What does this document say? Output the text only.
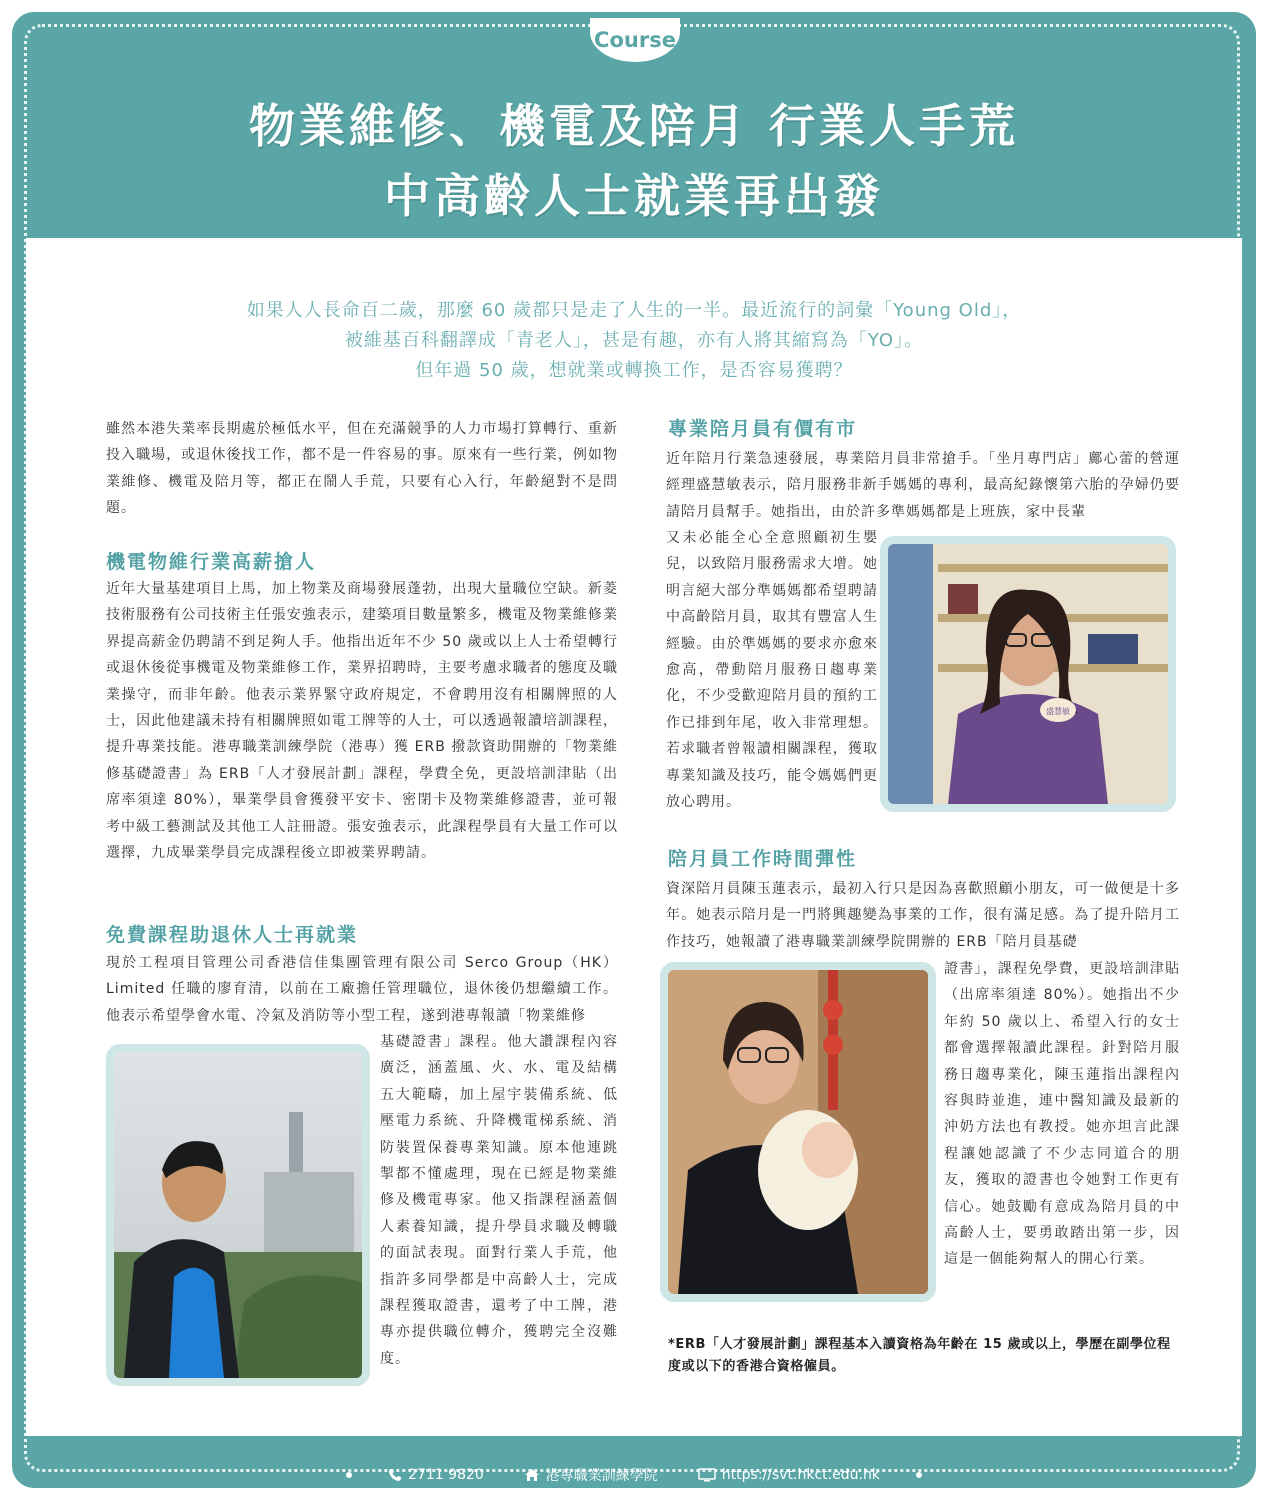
Course
物業維修、機電及陪月 行業人手荒
中高齡人士就業再出發
如果人人長命百二歲，那麼 60 歲都只是走了人生的一半。最近流行的詞彙「Young Old」，
被維基百科翻譯成「青老人」，甚是有趣，亦有人將其縮寫為「YO」。
但年過 50 歲，想就業或轉換工作，是否容易獲聘？

雖然本港失業率長期處於極低水平，但在充滿競爭的人力市場打算轉行、重新投入職場，或退休後找工作，都不是一件容易的事。原來有一些行業，例如物業維修、機電及陪月等，都正在鬧人手荒，只要有心入行，年齡絕對不是問題。

機電物維行業高薪搶人

近年大量基建項目上馬，加上物業及商場發展蓬勃，出現大量職位空缺。新菱技術服務有公司技術主任張安強表示，建築項目數量繁多，機電及物業維修業界提高薪金仍聘請不到足夠人手。他指出近年不少 50 歲或以上人士希望轉行或退休後從事機電及物業維修工作，業界招聘時，主要考慮求職者的態度及職業操守，而非年齡。他表示業界緊守政府規定，不會聘用沒有相關牌照的人士，因此他建議未持有相關牌照如電工牌等的人士，可以透過報讀培訓課程，提升專業技能。港專職業訓練學院（港專）獲 ERB 撥款資助開辦的「物業維修基礎證書」為 ERB「人才發展計劃」課程，學費全免，更設培訓津貼（出席率須達 80%），畢業學員會獲發平安卡、密閉卡及物業維修證書，並可報考中級工藝測試及其他工人註冊證。張安強表示，此課程學員有大量工作可以選擇，九成畢業學員完成課程後立即被業界聘請。

免費課程助退休人士再就業

現於工程項目管理公司香港信佳集團管理有限公司 Serco Group（HK）Limited 任職的廖育清，以前在工廠擔任管理職位，退休後仍想繼續工作。他表示希望學會水電、冷氣及消防等小型工程，遂到港專報讀「物業維修

基礎證書」課程。他大讚課程內容廣泛，涵蓋風、火、水、電及結構五大範疇，加上屋宇裝備系統、低壓電力系統、升降機電梯系統、消防裝置保養專業知識。原本他連跳掣都不懂處理，現在已經是物業維修及機電專家。他又指課程涵蓋個人素養知識，提升學員求職及轉職的面試表現。面對行業人手荒，他指許多同學都是中高齡人士，完成課程獲取證書，還考了中工牌，港專亦提供職位轉介，獲聘完全沒難度。

專業陪月員有價有市

近年陪月行業急速發展，專業陪月員非常搶手。「坐月專門店」鄺心蕾的營運經理盛慧敏表示，陪月服務非新手媽媽的專利，最高紀錄懷第六胎的孕婦仍要請陪月員幫手。她指出，由於許多準媽媽都是上班族，家中長輩

又未必能全心全意照顧初生嬰兒，以致陪月服務需求大增。她明言絕大部分準媽媽都希望聘請中高齡陪月員，取其有豐富人生經驗。由於準媽媽的要求亦愈來愈高，帶動陪月服務日趨專業化，不少受歡迎陪月員的預約工作已排到年尾，收入非常理想。若求職者曾報讀相關課程，獲取專業知識及技巧，能令媽媽們更放心聘用。

盛慧敏
陪月員工作時間彈性

資深陪月員陳玉蓮表示，最初入行只是因為喜歡照顧小朋友，可一做便是十多年。她表示陪月是一門將興趣變為事業的工作，很有滿足感。為了提升陪月工作技巧，她報讀了港專職業訓練學院開辦的 ERB「陪月員基礎

證書」，課程免學費，更設培訓津貼（出席率須達 80%）。她指出不少年約 50 歲以上、希望入行的女士都會選擇報讀此課程。針對陪月服務日趨專業化，陳玉蓮指出課程內容與時並進，連中醫知識及最新的沖奶方法也有教授。她亦坦言此課程讓她認識了不少志同道合的朋友，獲取的證書也令她對工作更有信心。她鼓勵有意成為陪月員的中高齡人士，要勇敢踏出第一步，因這是一個能夠幫人的開心行業。

*ERB「人才發展計劃」課程基本入讀資格為年齡在 15 歲或以上，學歷在副學位程度或以下的香港合資格僱員。
2711 9820	港專職業訓練學院	https://svt.hkct.edu.hk
